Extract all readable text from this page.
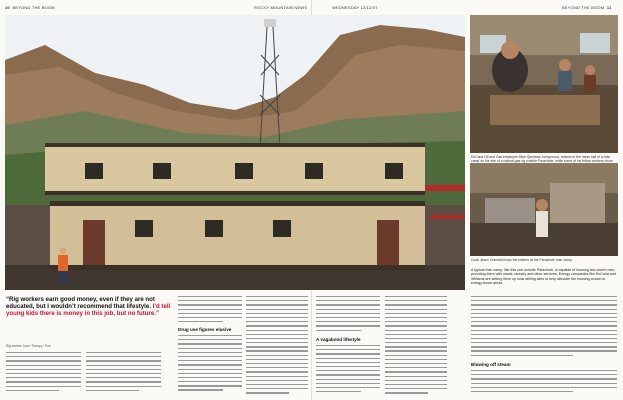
10 BEYOND THE BOOM	ROCKY MOUNTAIN NEWS	WEDNESDAY 12/12/07	BEYOND THE BOOM 11
EnCana Oil and Gas employee Mike Quintana, foreground, relaxes in the mess hall of a man camp on the site of a natural-gas rig outside Parachute, while some of his fellow workers chow
Cook Jason Crandall mops the kitchen at the Parachute man camp.
A typical man camp, like this one outside Parachute, is capable of housing two-dozen men, providing them with meals, laundry and other services. Energy companies like EnCana and Williams are setting them up near drilling sites to help alleviate the housing crunch in energy-boom areas.
“Rig workers earn good money, even if they are not educated, but I wouldn’t recommend that lifestyle. I’d tell young kids there is money in this job, but no future.”
Rig worker Jose “Stumpy” Poe
Drug use figures elusive
A vagabond lifestyle
Blowing off steam
